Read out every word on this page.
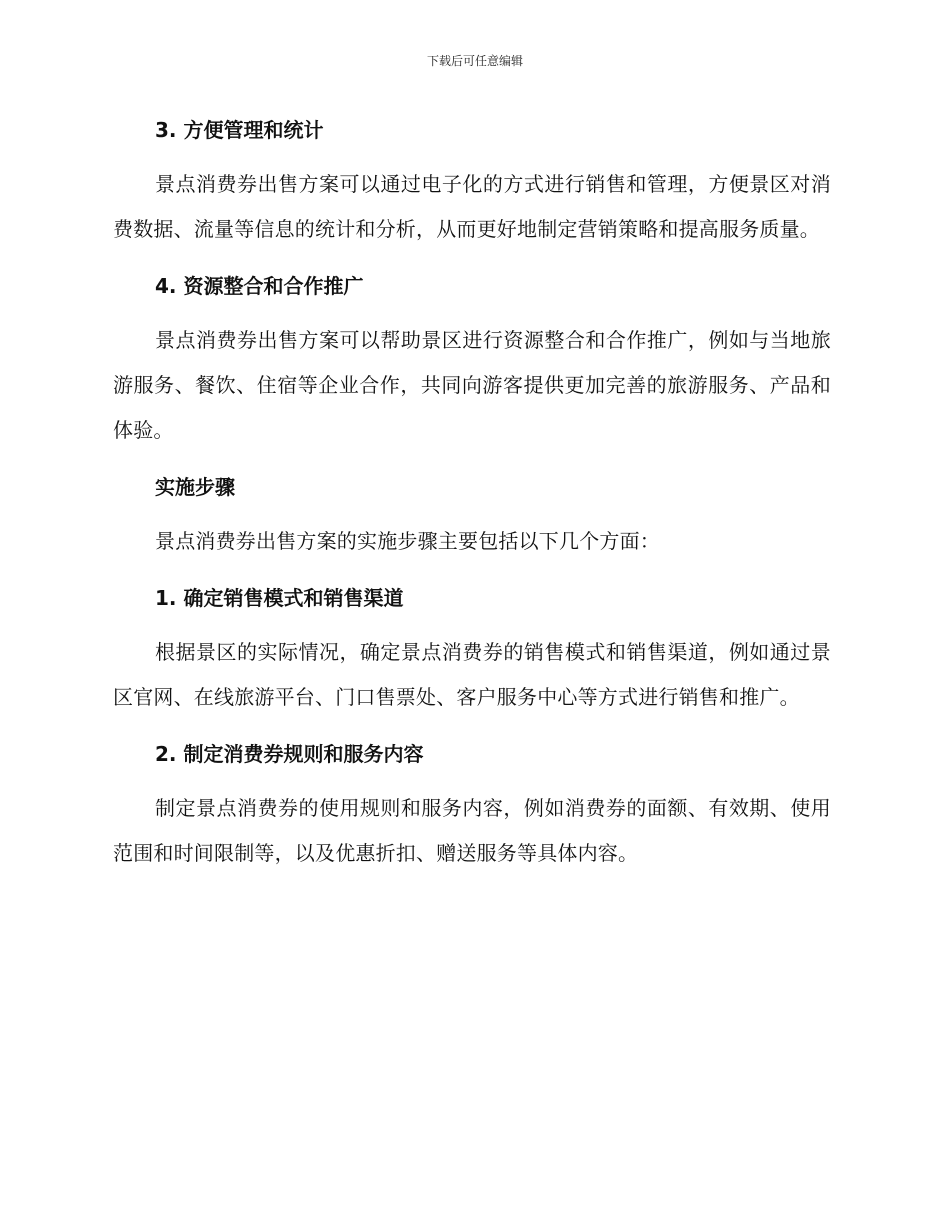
下载后可任意编辑
3. 方便管理和统计

景点消费券出售方案可以通过电子化的方式进行销售和管理，方便景区对消费数据、流量等信息的统计和分析，从而更好地制定营销策略和提高服务质量。

4. 资源整合和合作推广

景点消费券出售方案可以帮助景区进行资源整合和合作推广，例如与当地旅游服务、餐饮、住宿等企业合作，共同向游客提供更加完善的旅游服务、产品和体验。

实施步骤

景点消费券出售方案的实施步骤主要包括以下几个方面：

1. 确定销售模式和销售渠道

根据景区的实际情况，确定景点消费券的销售模式和销售渠道，例如通过景区官网、在线旅游平台、门口售票处、客户服务中心等方式进行销售和推广。

2. 制定消费券规则和服务内容

制定景点消费券的使用规则和服务内容，例如消费券的面额、有效期、使用范围和时间限制等，以及优惠折扣、赠送服务等具体内容。
